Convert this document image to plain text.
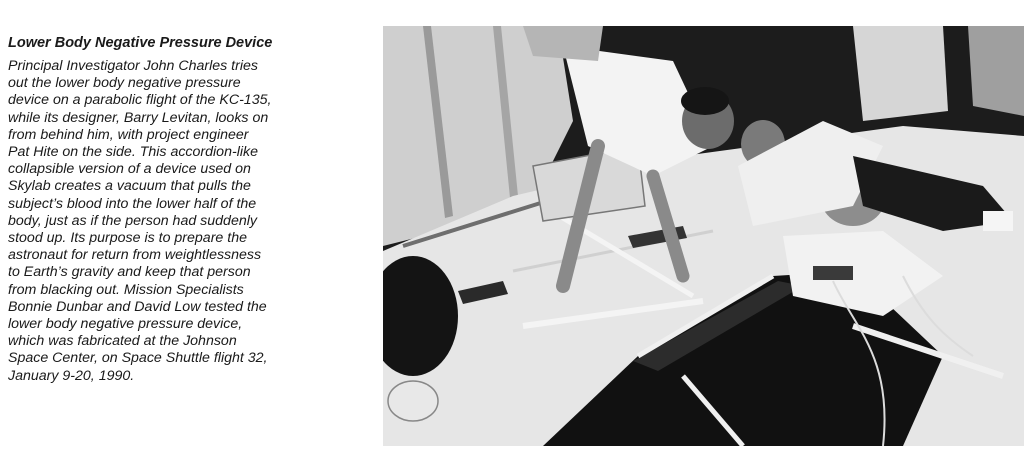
Lower Body Negative Pressure Device
Principal Investigator John Charles tries
out the lower body negative pressure
device on a parabolic flight of the KC-135,
while its designer, Barry Levitan, looks on
from behind him, with project engineer
Pat Hite on the side. This accordion-like
collapsible version of a device used on
Skylab creates a vacuum that pulls the
subject’s blood into the lower half of the
body, just as if the person had suddenly
stood up. Its purpose is to prepare the
astronaut for return from weightlessness
to Earth’s gravity and keep that person
from blacking out. Mission Specialists
Bonnie Dunbar and David Low tested the
lower body negative pressure device,
which was fabricated at the Johnson
Space Center, on Space Shuttle flight 32,
January 9-20, 1990.
